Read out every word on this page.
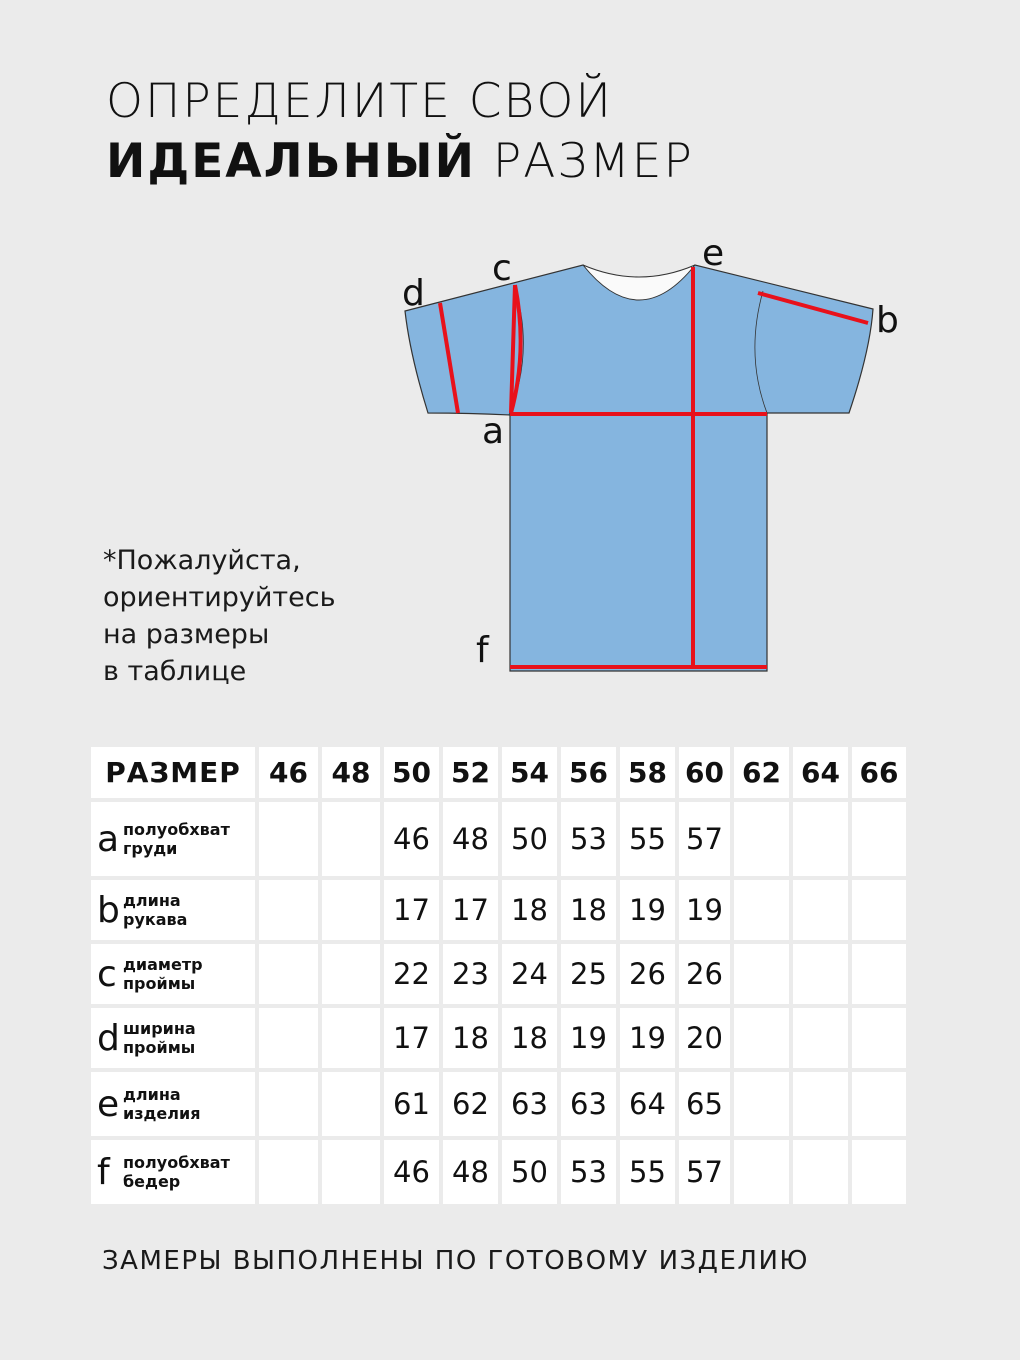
ОПРЕДЕЛИТЕ СВОЙ
ИДЕАЛЬНЫЙ РАЗМЕР
d
c	e
b
a
f
*Пожалуйста,
ориентируйтесь
на размеры
в таблице
РАЗМЕР	46	48	50	52	54	56	58	60	62	64	66
a полуобхват
груди			46	48	50	53	55	57			
b длина
рукава			17	17	18	18	19	19			
c диаметр
проймы			22	23	24	25	26	26			
d ширина
проймы			17	18	18	19	19	20			
e длина
изделия			61	62	63	63	64	65			
f полуобхват
бедер			46	48	50	53	55	57			
ЗАМЕРЫ ВЫПОЛНЕНЫ ПО ГОТОВОМУ ИЗДЕЛИЮ
